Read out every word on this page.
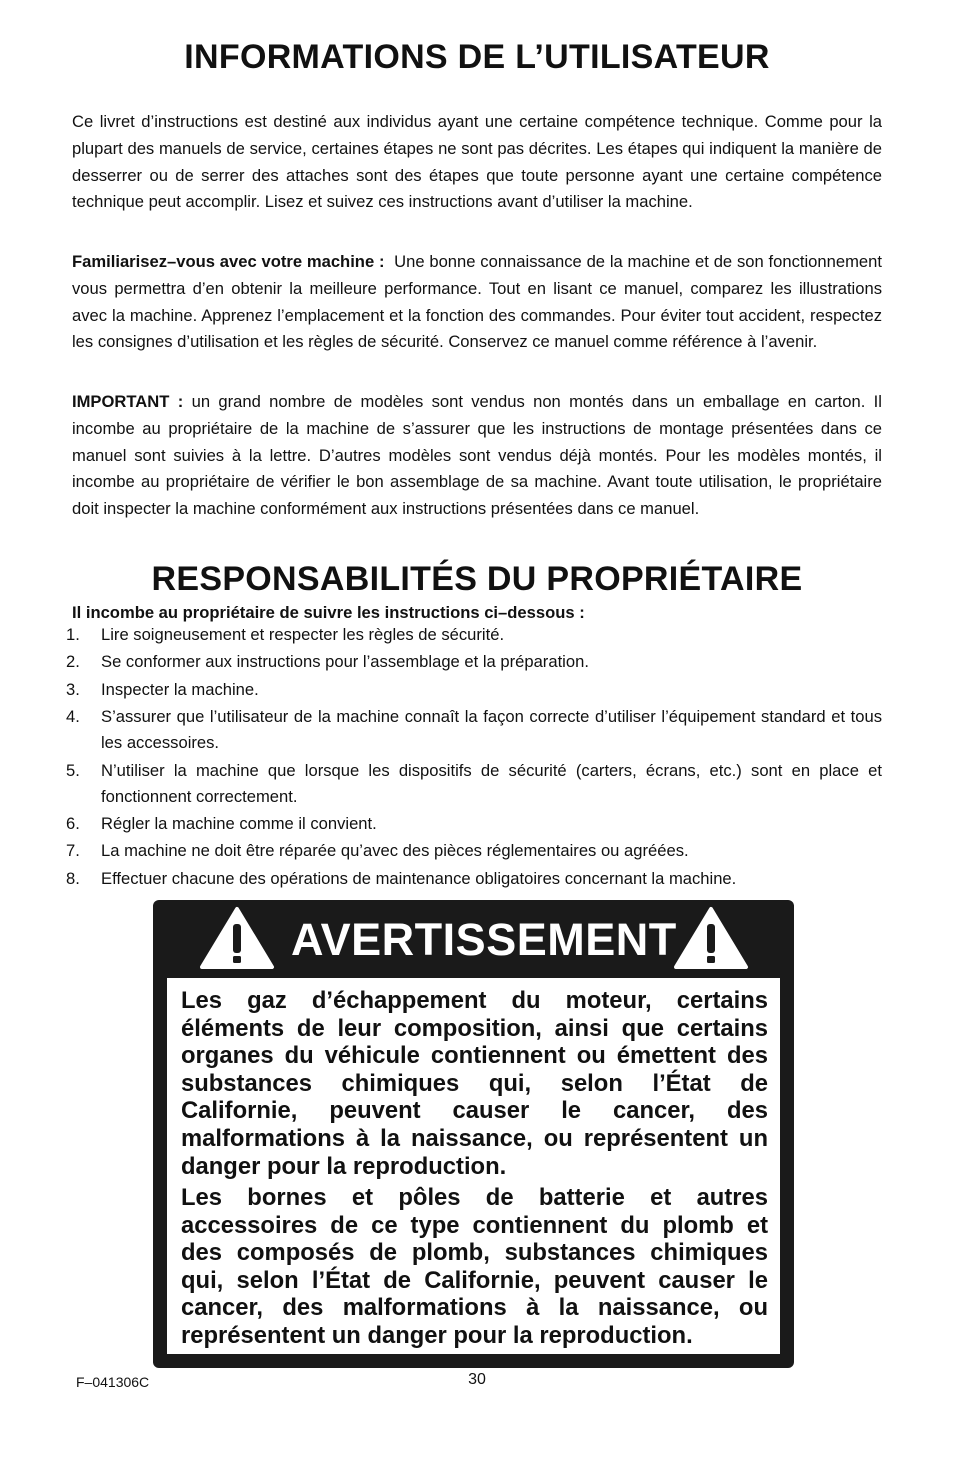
INFORMATIONS DE L’UTILISATEUR

Ce livret d’instructions est destiné aux individus ayant une certaine compétence technique. Comme pour la plupart des manuels de service, certaines étapes ne sont pas décrites. Les étapes qui indiquent la manière de desserrer ou de serrer des attaches sont des étapes que toute personne ayant une certaine compétence technique peut accomplir. Lisez et suivez ces instructions avant d’utiliser la machine.

Familiarisez–vous avec votre machine : Une bonne connaissance de la machine et de son fonctionnement vous permettra d’en obtenir la meilleure performance. Tout en lisant ce manuel, comparez les illustrations avec la machine. Apprenez l’emplacement et la fonction des commandes. Pour éviter tout accident, respectez les consignes d’utilisation et les règles de sécurité. Conservez ce manuel comme référence à l’avenir.

IMPORTANT : un grand nombre de modèles sont vendus non montés dans un emballage en carton. Il incombe au propriétaire de la machine de s’assurer que les instructions de montage présentées dans ce manuel sont suivies à la lettre. D’autres modèles sont vendus déjà montés. Pour les modèles montés, il incombe au propriétaire de vérifier le bon assemblage de sa machine. Avant toute utilisation, le propriétaire doit inspecter la machine conformément aux instructions présentées dans ce manuel.

RESPONSABILITÉS DU PROPRIÉTAIRE

Il incombe au propriétaire de suivre les instructions ci–dessous :

1. Lire soigneusement et respecter les règles de sécurité.
2. Se conformer aux instructions pour l’assemblage et la préparation.
3. Inspecter la machine.
4. S’assurer que l’utilisateur de la machine connaît la façon correcte d’utiliser l’équipement standard et tous les accessoires.
5. N’utiliser la machine que lorsque les dispositifs de sécurité (carters, écrans, etc.) sont en place et fonctionnent correctement.
6. Régler la machine comme il convient.
7. La machine ne doit être réparée qu’avec des pièces réglementaires ou agréées.
8. Effectuer chacune des opérations de maintenance obligatoires concernant la machine.
AVERTISSEMENT

Les gaz d’échappement du moteur, certains éléments de leur composition, ainsi que certains organes du véhicule contiennent ou émettent des substances chimiques qui, selon l’État de Californie, peuvent causer le cancer, des malformations à la naissance, ou représentent un danger pour la reproduction.

Les bornes et pôles de batterie et autres accessoires de ce type contiennent du plomb et des composés de plomb, substances chimiques qui, selon l’État de Californie, peuvent causer le cancer, des malformations à la naissance, ou représentent un danger pour la reproduction.

F–041306C	30
